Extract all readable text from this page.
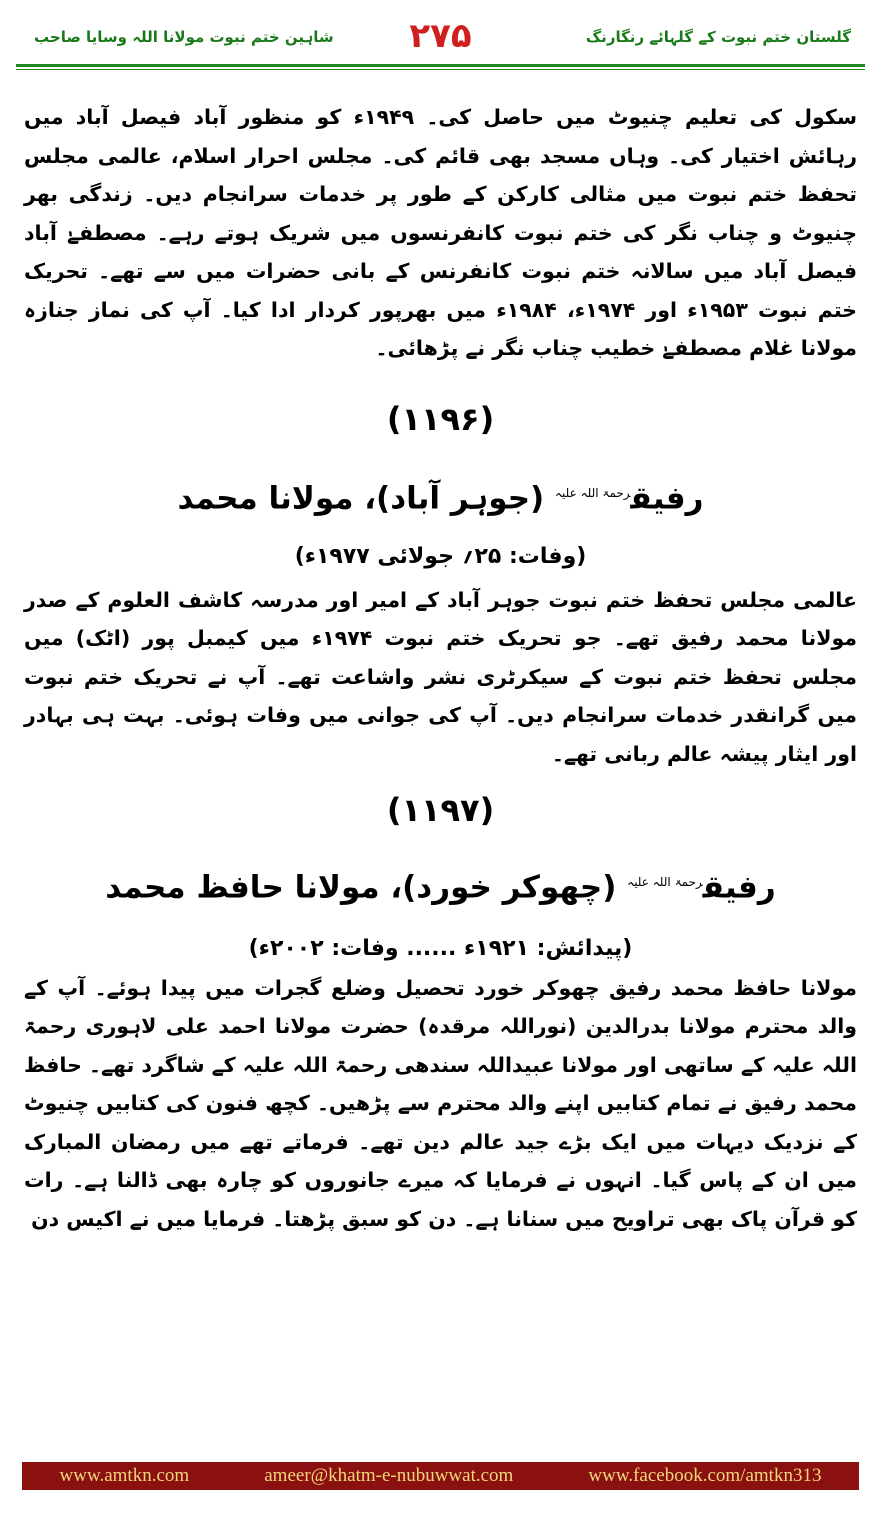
گلستان ختم نبوت کے گلہائے رنگارنگ
۲۷۵
شاہین ختم نبوت مولانا اللہ وسایا صاحب

سکول کی تعلیم چنیوٹ میں حاصل کی۔ ۱۹۴۹ء کو منظور آباد فیصل آباد میں رہائش اختیار کی۔ وہاں مسجد بھی قائم کی۔ مجلس احرار اسلام، عالمی مجلس تحفظ ختم نبوت میں مثالی کارکن کے طور پر خدمات سرانجام دیں۔ زندگی بھر چنیوٹ و چناب نگر کی ختم نبوت کانفرنسوں میں شریک ہوتے رہے۔ مصطفےٰ آباد فیصل آباد میں سالانہ ختم نبوت کانفرنس کے بانی حضرات میں سے تھے۔ تحریک ختم نبوت ۱۹۵۳ء اور ۱۹۷۴ء، ۱۹۸۴ء میں بھرپور کردار ادا کیا۔ آپ کی نماز جنازہ مولانا غلام مصطفےٰ خطیب چناب نگر نے پڑھائی۔

(۱۱۹۶)

رفیق$^{رحمۃ اللہ علیہ}$ (جوہر آباد)، مولانا محمد

(وفات: ۲۵؍ جولائی ۱۹۷۷ء)

عالمی مجلس تحفظ ختم نبوت جوہر آباد کے امیر اور مدرسہ کاشف العلوم کے صدر مولانا محمد رفیق تھے۔ جو تحریک ختم نبوت ۱۹۷۴ء میں کیمبل پور (اٹک) میں مجلس تحفظ ختم نبوت کے سیکرٹری نشر واشاعت تھے۔ آپ نے تحریک ختم نبوت میں گرانقدر خدمات سرانجام دیں۔ آپ کی جوانی میں وفات ہوئی۔ بہت ہی بہادر اور ایثار پیشہ عالم ربانی تھے۔

(۱۱۹۷)

رفیق$^{رحمۃ اللہ علیہ}$ (چھوکر خورد)، مولانا حافظ محمد

(پیدائش: ۱۹۲۱ء ...... وفات: ۲۰۰۲ء)

مولانا حافظ محمد رفیق چھوکر خورد تحصیل وضلع گجرات میں پیدا ہوئے۔ آپ کے والد محترم مولانا بدرالدین (نوراللہ مرقدہ) حضرت مولانا احمد علی لاہوری رحمۃ اللہ علیہ کے ساتھی اور مولانا عبیداللہ سندھی رحمۃ اللہ علیہ کے شاگرد تھے۔ حافظ محمد رفیق نے تمام کتابیں اپنے والد محترم سے پڑھیں۔ کچھ فنون کی کتابیں چنیوٹ کے نزدیک دیہات میں ایک بڑے جید عالم دین تھے۔ فرماتے تھے میں رمضان المبارک میں ان کے پاس گیا۔ انہوں نے فرمایا کہ میرے جانوروں کو چارہ بھی ڈالنا ہے۔ رات کو قرآن پاک بھی تراویح میں سنانا ہے۔ دن کو سبق پڑھتا۔ فرمایا میں نے اکیس دن

www.amtkn.com	ameer@khatm-e-nubuwwat.com	www.facebook.com/amtkn313
